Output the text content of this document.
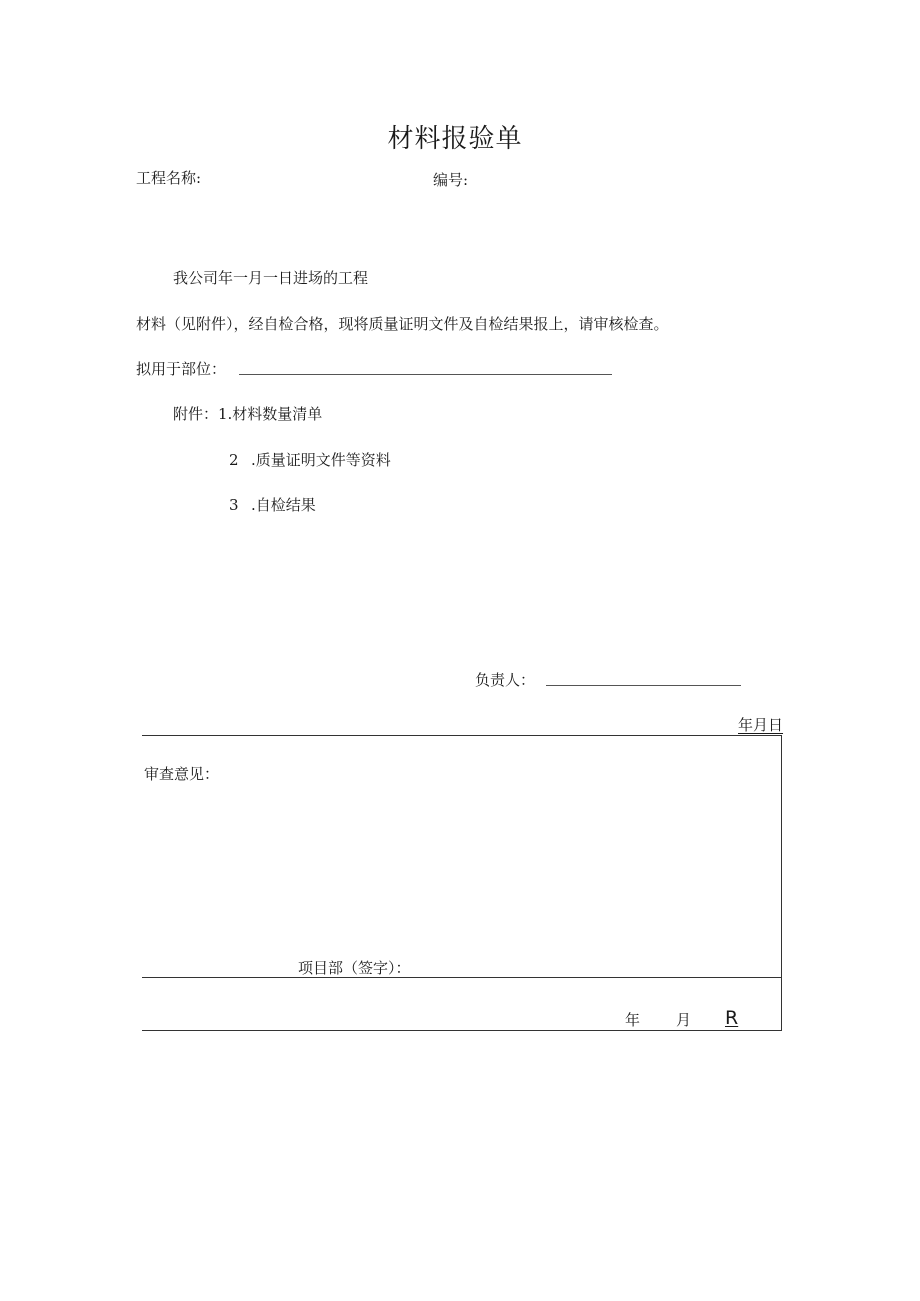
材料报验单
工程名称:	编号:
我公司年一月一日进场的工程
材料（见附件），经自检合格，现将质量证明文件及自检结果报上，请审核检查。
拟用于部位：
附件：1.材料数量清单
2 .质量证明文件等资料
3 .自检结果
负责人：
年月日
审查意见：
项目部（签字）：
年 月 R
